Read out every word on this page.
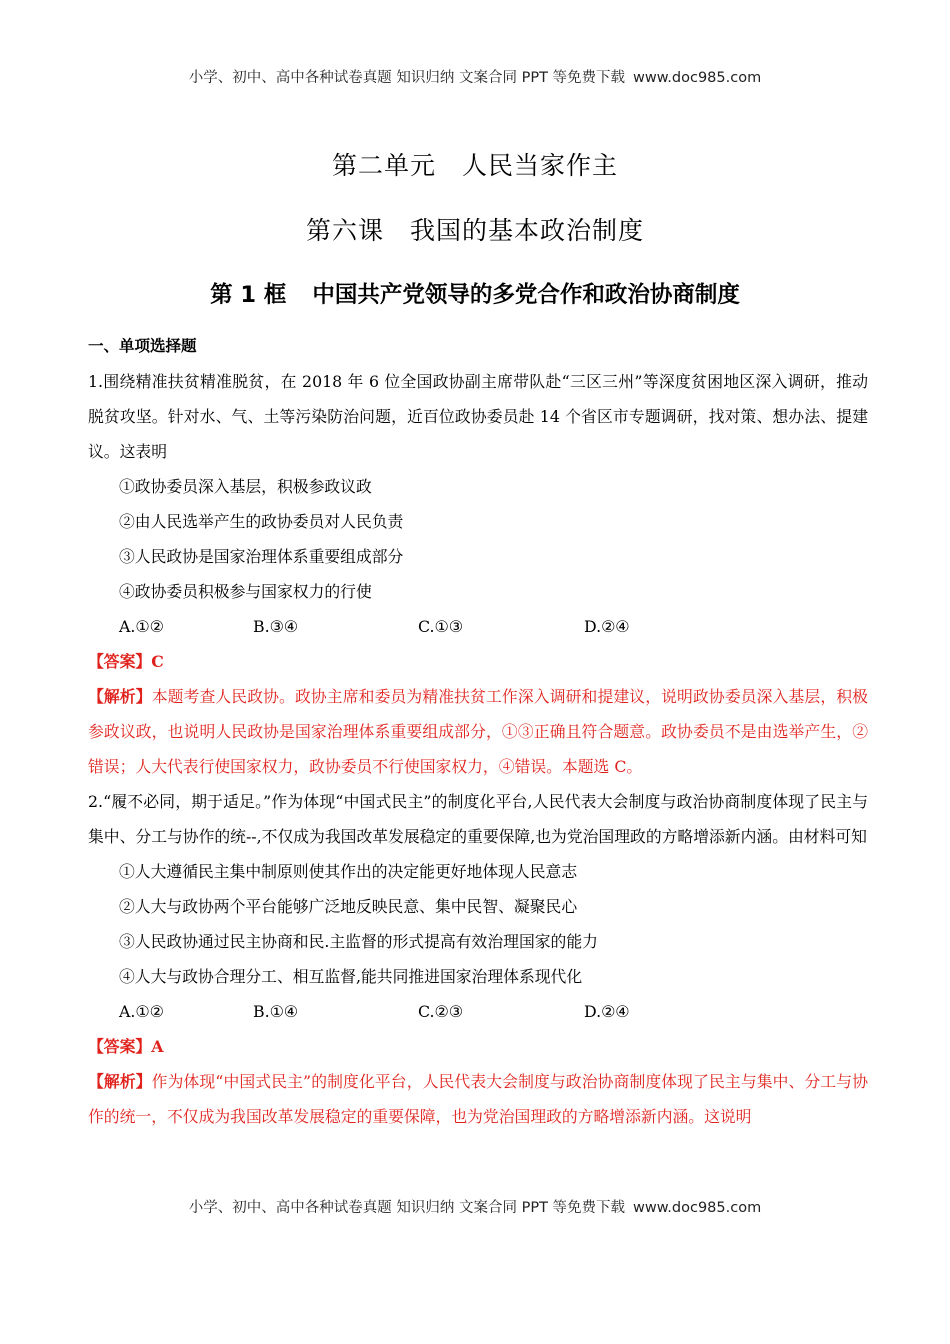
小学、初中、高中各种试卷真题 知识归纳 文案合同 PPT 等免费下载 www.doc985.com
第二单元 人民当家作主
第六课 我国的基本政治制度
第 1 框 中国共产党领导的多党合作和政治协商制度
一、单项选择题

1.围绕精准扶贫精准脱贫，在 2018 年 6 位全国政协副主席带队赴“三区三州”等深度贫困地区深入调研，推动脱贫攻坚。针对水、气、土等污染防治问题，近百位政协委员赴 14 个省区市专题调研，找对策、想办法、提建议。这表明

①政协委员深入基层，积极参政议政

②由人民选举产生的政协委员对人民负责

③人民政协是国家治理体系重要组成部分

④政协委员积极参与国家权力的行使

A.①②	B.③④	C.①③	D.②④

【答案】C

【解析】本题考查人民政协。政协主席和委员为精准扶贫工作深入调研和提建议，说明政协委员深入基层，积极参政议政，也说明人民政协是国家治理体系重要组成部分，①③正确且符合题意。政协委员不是由选举产生，②错误；人大代表行使国家权力，政协委员不行使国家权力，④错误。本题选 C。

2.“履不必同，期于适足。”作为体现“中国式民主”的制度化平台,人民代表大会制度与政治协商制度体现了民主与集中、分工与协作的统--,不仅成为我国改革发展稳定的重要保障,也为党治国理政的方略增添新内涵。由材料可知

①人大遵循民主集中制原则使其作出的决定能更好地体现人民意志

②人大与政协两个平台能够广泛地反映民意、集中民智、凝聚民心

③人民政协通过民主协商和民.主监督的形式提高有效治理国家的能力

④人大与政协合理分工、相互监督,能共同推进国家治理体系现代化

A.①②	B.①④	C.②③	D.②④

【答案】A

【解析】作为体现“中国式民主”的制度化平台，人民代表大会制度与政治协商制度体现了民主与集中、分工与协作的统一，不仅成为我国改革发展稳定的重要保障，也为党治国理政的方略增添新内涵。这说明

小学、初中、高中各种试卷真题 知识归纳 文案合同 PPT 等免费下载 www.doc985.com
